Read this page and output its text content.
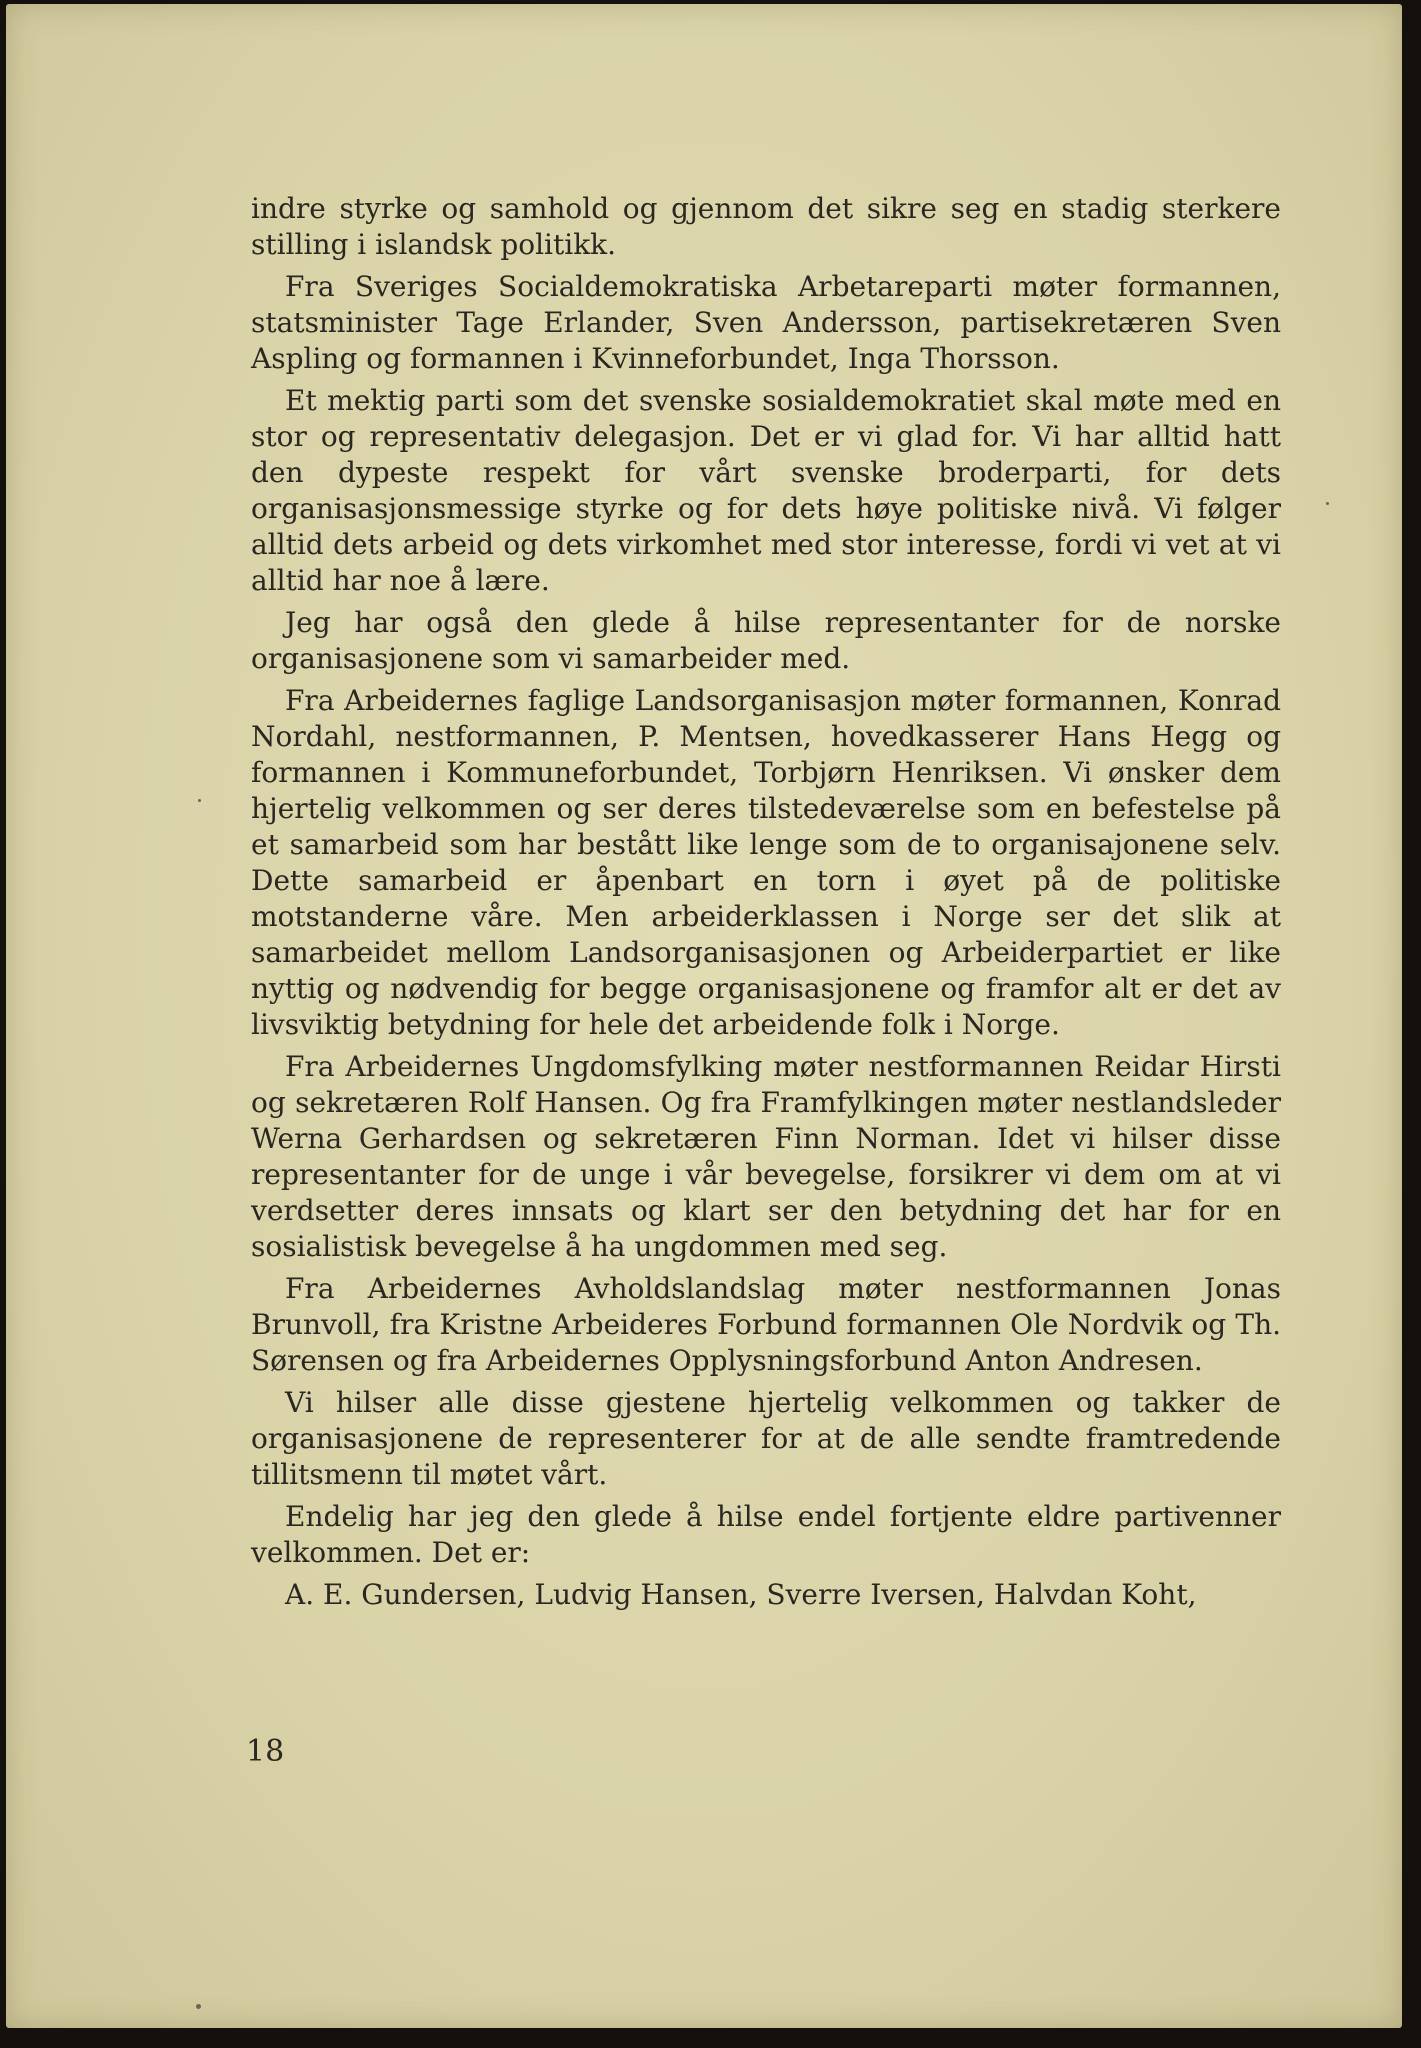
indre styrke og samhold og gjennom det sikre seg en stadig sterkere stilling i islandsk politikk.

Fra Sveriges Socialdemokratiska Arbetareparti møter formannen, statsminister Tage Erlander, Sven Andersson, partisekretæren Sven Aspling og formannen i Kvinneforbundet, Inga Thorsson.

Et mektig parti som det svenske sosialdemokratiet skal møte med en stor og representativ delegasjon. Det er vi glad for. Vi har alltid hatt den dypeste respekt for vårt svenske broderparti, for dets organisasjonsmessige styrke og for dets høye politiske nivå. Vi følger alltid dets arbeid og dets virkomhet med stor interesse, fordi vi vet at vi alltid har noe å lære.

Jeg har også den glede å hilse representanter for de norske organisasjonene som vi samarbeider med.

Fra Arbeidernes faglige Landsorganisasjon møter formannen, Konrad Nordahl, nestformannen, P. Mentsen, hovedkasserer Hans Hegg og formannen i Kommuneforbundet, Torbjørn Henriksen. Vi ønsker dem hjertelig velkommen og ser deres tilstedeværelse som en befestelse på et samarbeid som har bestått like lenge som de to organisajonene selv. Dette samarbeid er åpenbart en torn i øyet på de politiske motstanderne våre. Men arbeiderklassen i Norge ser det slik at samarbeidet mellom Landsorganisasjonen og Arbeiderpartiet er like nyttig og nødvendig for begge organisasjonene og framfor alt er det av livsviktig betydning for hele det arbeidende folk i Norge.

Fra Arbeidernes Ungdomsfylking møter nestformannen Reidar Hirsti og sekretæren Rolf Hansen. Og fra Framfylkingen møter nestlandsleder Werna Gerhardsen og sekretæren Finn Norman. Idet vi hilser disse representanter for de unge i vår bevegelse, forsikrer vi dem om at vi verdsetter deres innsats og klart ser den betydning det har for en sosialistisk bevegelse å ha ungdommen med seg.

Fra Arbeidernes Avholdslandslag møter nestformannen Jonas Brunvoll, fra Kristne Arbeideres Forbund formannen Ole Nordvik og Th. Sørensen og fra Arbeidernes Opplysningsforbund Anton Andresen.

Vi hilser alle disse gjestene hjertelig velkommen og takker de organisasjonene de representerer for at de alle sendte framtredende tillitsmenn til møtet vårt.

Endelig har jeg den glede å hilse endel fortjente eldre partivenner velkommen. Det er:

A. E. Gundersen, Ludvig Hansen, Sverre Iversen, Halvdan Koht,

18
